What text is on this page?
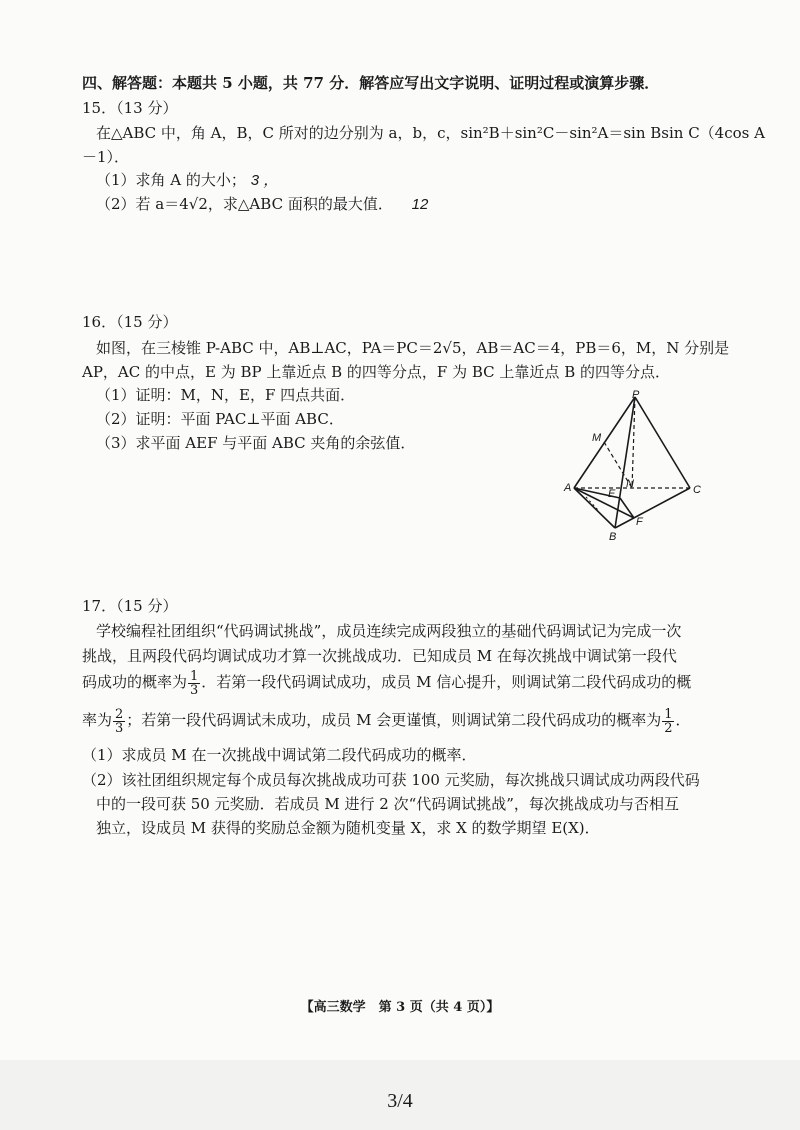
四、解答题：本题共 5 小题，共 77 分．解答应写出文字说明、证明过程或演算步骤．
15．（13 分）
在△ABC 中，角 A，B，C 所对的边分别为 a，b，c，sin²B＋sin²C－sin²A＝sin Bsin C（4cos A
－1）．
（1）求角 A 的大小； 3 ，
（2）若 a＝4√2，求△ABC 面积的最大值． 12
16．（15 分）
如图，在三棱锥 P-ABC 中，AB⊥AC，PA＝PC＝2√5，AB＝AC＝4，PB＝6，M，N 分别是
AP，AC 的中点，E 为 BP 上靠近点 B 的四等分点，F 为 BC 上靠近点 B 的四等分点．
（1）证明：M，N，E，F 四点共面．
（2）证明：平面 PAC⊥平面 ABC．
（3）求平面 AEF 与平面 ABC 夹角的余弦值．
P
M
A	E
N	C
F
B
17．（15 分）
学校编程社团组织“代码调试挑战”，成员连续完成两段独立的基础代码调试记为完成一次
挑战，且两段代码均调试成功才算一次挑战成功．已知成员 M 在每次挑战中调试第一段代
码成功的概率为 $\frac{1}{3}$ ．若第一段代码调试成功，成员 M 信心提升，则调试第二段代码成功的概
率为 $\frac{2}{3}$ ；若第一段代码调试未成功，成员 M 会更谨慎，则调试第二段代码成功的概率为 $\frac{1}{2}$ ．
（1）求成员 M 在一次挑战中调试第二段代码成功的概率．
（2）该社团组织规定每个成员每次挑战成功可获 100 元奖励，每次挑战只调试成功两段代码
中的一段可获 50 元奖励．若成员 M 进行 2 次“代码调试挑战”，每次挑战成功与否相互
独立，设成员 M 获得的奖励总金额为随机变量 X，求 X 的数学期望 E(X)．
【高三数学　第 3 页（共 4 页）】
3/4
